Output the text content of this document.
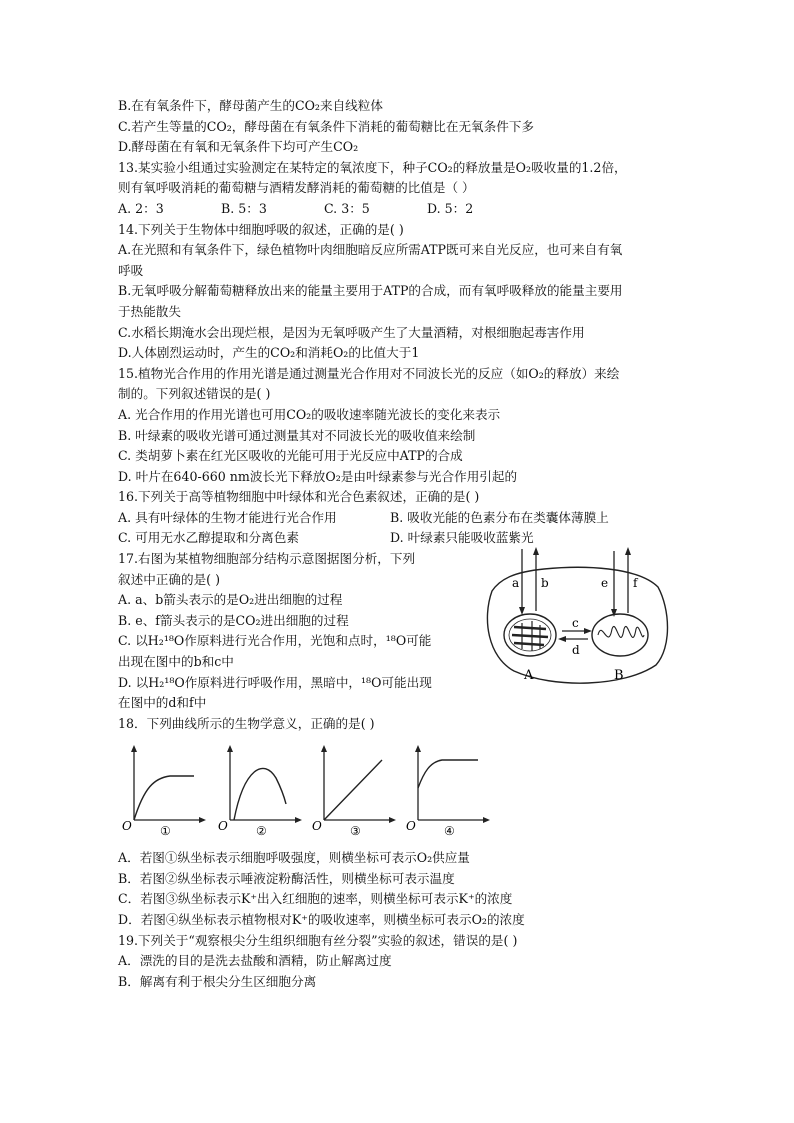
B.在有氧条件下，酵母菌产生的CO₂来自线粒体
C.若产生等量的CO₂，酵母菌在有氧条件下消耗的葡萄糖比在无氧条件下多
D.酵母菌在有氧和无氧条件下均可产生CO₂
13.某实验小组通过实验测定在某特定的氧浓度下，种子CO₂的释放量是O₂吸收量的1.2倍，
则有氧呼吸消耗的葡萄糖与酒精发酵消耗的葡萄糖的比值是（ ）
A. 2：3	B. 5：3	C. 3：5	D. 5：2
14.下列关于生物体中细胞呼吸的叙述，正确的是( )
A.在光照和有氧条件下，绿色植物叶肉细胞暗反应所需ATP既可来自光反应，也可来自有氧
呼吸
B.无氧呼吸分解葡萄糖释放出来的能量主要用于ATP的合成，而有氧呼吸释放的能量主要用
于热能散失
C.水稻长期淹水会出现烂根，是因为无氧呼吸产生了大量酒精，对根细胞起毒害作用
D.人体剧烈运动时，产生的CO₂和消耗O₂的比值大于1
15.植物光合作用的作用光谱是通过测量光合作用对不同波长光的反应（如O₂的释放）来绘
制的。下列叙述错误的是( )
A. 光合作用的作用光谱也可用CO₂的吸收速率随光波长的变化来表示
B. 叶绿素的吸收光谱可通过测量其对不同波长光的吸收值来绘制
C. 类胡萝卜素在红光区吸收的光能可用于光反应中ATP的合成
D. 叶片在640-660 nm波长光下释放O₂是由叶绿素参与光合作用引起的
16.下列关于高等植物细胞中叶绿体和光合色素叙述，正确的是( )
A. 具有叶绿体的生物才能进行光合作用	B. 吸收光能的色素分布在类囊体薄膜上
C. 可用无水乙醇提取和分离色素	D. 叶绿素只能吸收蓝紫光
17.右图为某植物细胞部分结构示意图据图分析，下列
叙述中正确的是( )
A. a、b箭头表示的是O₂进出细胞的过程
B. e、f箭头表示的是CO₂进出细胞的过程
C. 以H₂¹⁸O作原料进行光合作用，光饱和点时，¹⁸O可能
出现在图中的b和c中
D. 以H₂¹⁸O作原料进行呼吸作用，黑暗中，¹⁸O可能出现
a b	e f
c
d
A	B
在图中的d和f中
18．下列曲线所示的生物学意义，正确的是( )
O ①	O ②	O ③	O ④
A．若图①纵坐标表示细胞呼吸强度，则横坐标可表示O₂供应量
B．若图②纵坐标表示唾液淀粉酶活性，则横坐标可表示温度
C．若图③纵坐标表示K⁺出入红细胞的速率，则横坐标可表示K⁺的浓度
D．若图④纵坐标表示植物根对K⁺的吸收速率，则横坐标可表示O₂的浓度
19.下列关于“观察根尖分生组织细胞有丝分裂”实验的叙述，错误的是( )
A．漂洗的目的是洗去盐酸和酒精，防止解离过度
B．解离有利于根尖分生区细胞分离
